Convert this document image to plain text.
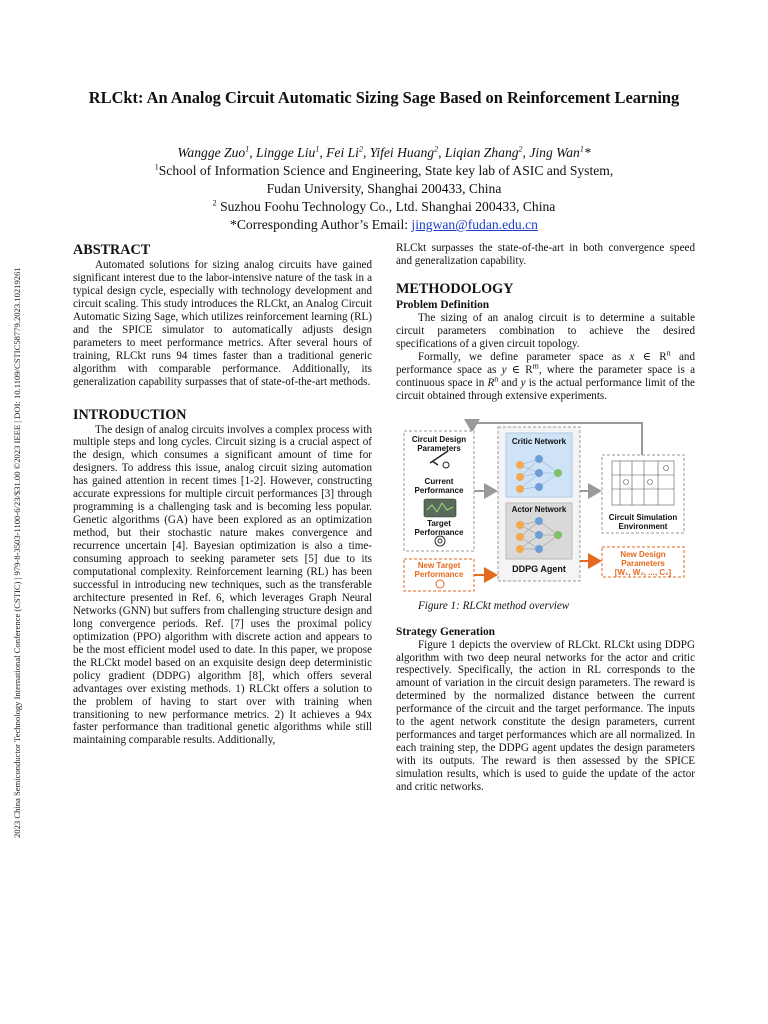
2023 China Semiconductor Technology International Conference (CSTIC) | 979-8-3503-1100-6/23/$31.00 ©2023 IEEE | DOI: 10.1109/CSTIC58779.2023.10219261
RLCkt: An Analog Circuit Automatic Sizing Sage Based on Reinforcement Learning
Wangge Zuo$^1$, Lingge Liu$^1$, Fei Li$^2$, Yifei Huang$^2$, Liqian Zhang$^2$, Jing Wan$^1$*
$^1$School of Information Science and Engineering, State key lab of ASIC and System,
Fudan University, Shanghai 200433, China
$^2$ Suzhou Foohu Technology Co., Ltd. Shanghai 200433, China
*Corresponding Author’s Email: jingwan@fudan.edu.cn
ABSTRACT

Automated solutions for sizing analog circuits have gained significant interest due to the labor-intensive nature of the task in a typical design cycle, especially with technology development and circuit scaling. This study introduces the RLCkt, an Analog Circuit Automatic Sizing Sage, which utilizes reinforcement learning (RL) and the SPICE simulator to automatically adjusts design parameters to meet performance metrics. After several hours of training, RLCkt runs 94 times faster than a traditional generic algorithm with comparable performance. Additionally, its generalization capability surpasses that of state-of-the-art methods.

INTRODUCTION

The design of analog circuits involves a complex process with multiple steps and long cycles. Circuit sizing is a crucial aspect of the design, which consumes a significant amount of time for designers. To address this issue, analog circuit sizing automation has gained attention in recent times [1-2]. However, constructing accurate expressions for multiple circuit performances [3] through programming is a challenging task and is becoming less popular. Genetic algorithms (GA) have been explored as an optimization method, but their stochastic nature makes convergence and recurrence uncertain [4]. Bayesian optimization is also a time-consuming approach to seeking parameter sets [5] due to its computational complexity. Reinforcement learning (RL) has been successful in introducing new techniques, such as the transferable architecture presented in Ref. 6, which leverages Graph Neural Networks (GNN) but suffers from challenging structure design and long convergence periods. Ref. [7] uses the proximal policy optimization (PPO) algorithm with discrete action and appears to be the most efficient model used to date. In this paper, we propose the RLCkt model based on an exquisite design deep deterministic policy gradient (DDPG) algorithm [8], which offers several advantages over existing methods. 1) RLCkt offers a solution to the problem of having to start over with training when transitioning to new performance metrics. 2) It achieves a 94x faster performance than traditional genetic algorithms while still maintaining comparable results. Additionally,

RLCkt surpasses the state-of-the-art in both convergence speed and generalization capability.

METHODOLOGY
Problem Definition

The sizing of an analog circuit is to determine a suitable circuit parameters combination to achieve the desired specifications of a given circuit topology.

Formally, we define parameter space as x ∈ $R^n$ and performance space as y ∈ $R^m$, where the parameter space is a continuous space in $R^n$ and y is the actual performance limit of the circuit obtained through extensive experiments.

Circuit Design Parameters
Current Performance
Target Performance
Critic Network
Actor Network
DDPG Agent
Circuit Simulation Environment
New Target Performance
New Design Parameters
[W₁, W₂, ..., C₁]

Figure 1: RLCkt method overview

Strategy Generation

Figure 1 depicts the overview of RLCkt. RLCkt using DDPG algorithm with two deep neural networks for the actor and critic respectively. Specifically, the action in RL corresponds to the amount of variation in the circuit design parameters. The reward is determined by the normalized distance between the current performance of the circuit and the target performance. The inputs to the agent network constitute the design parameters, current performances and target performances which are all normalized. In each training step, the DDPG agent updates the design parameters with its outputs. The reward is then assessed by the SPICE simulation results, which is used to guide the update of the actor and critic networks.
